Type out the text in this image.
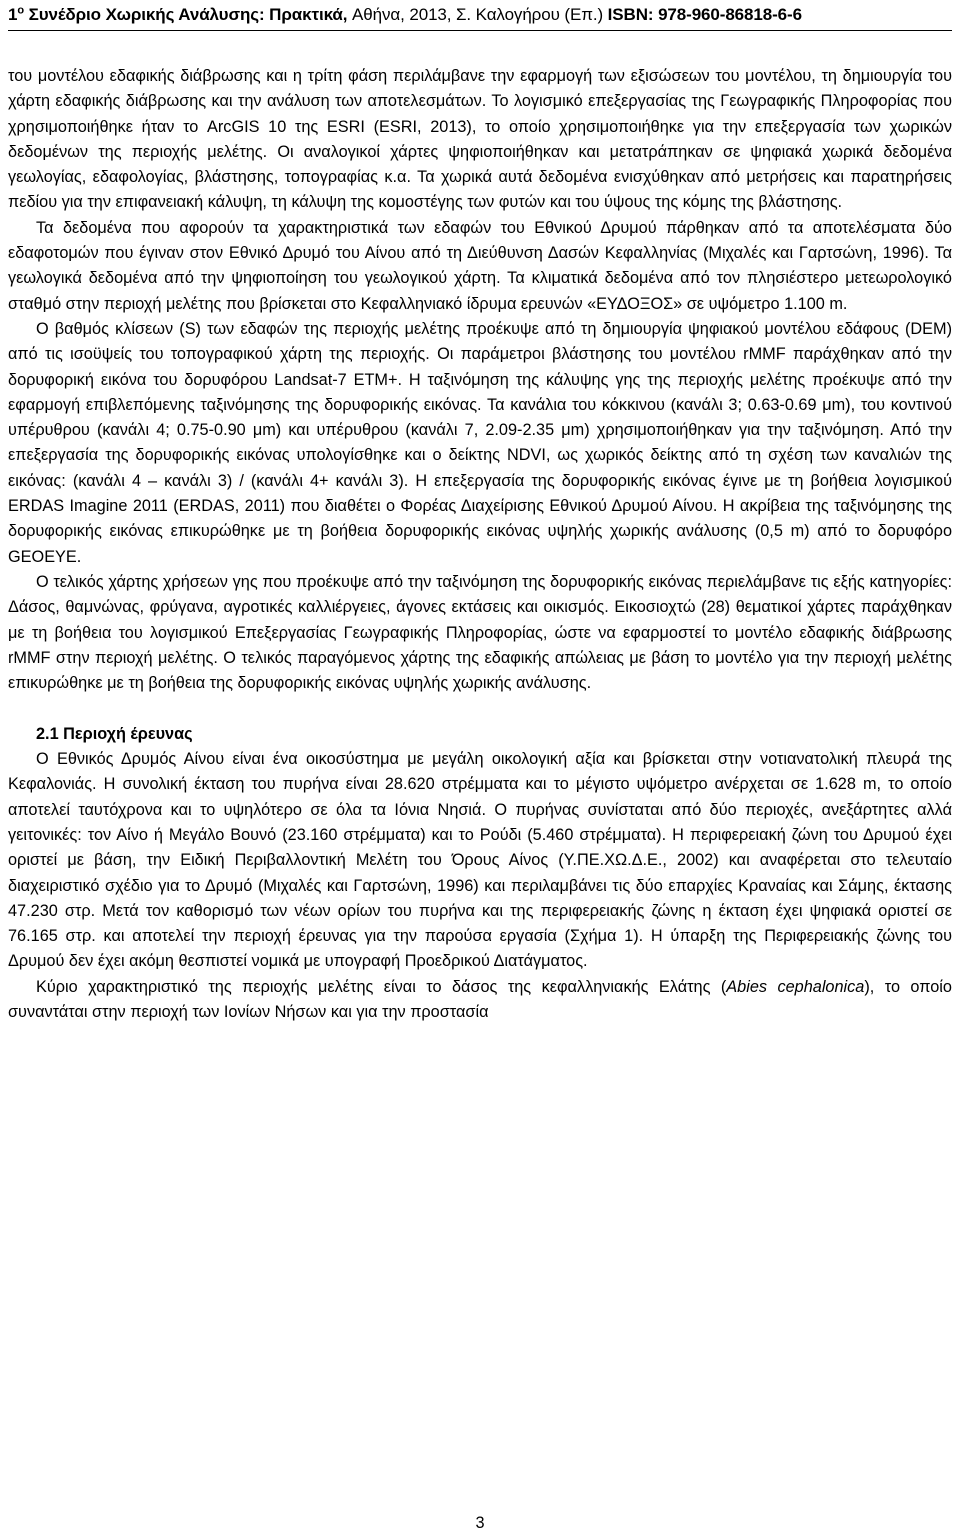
$1^o$ Συνέδριο Χωρικής Ανάλυσης: Πρακτικά, Αθήνα, 2013, Σ. Καλογήρου (Επ.) ISBN: 978-960-86818-6-6

του μοντέλου εδαφικής διάβρωσης και η τρίτη φάση περιλάμβανε την εφαρμογή των εξισώσεων του μοντέλου, τη δημιουργία του χάρτη εδαφικής διάβρωσης και την ανάλυση των αποτελεσμάτων. Το λογισμικό επεξεργασίας της Γεωγραφικής Πληροφορίας που χρησιμοποιήθηκε ήταν το ArcGIS 10 της ESRI (ESRI, 2013), το οποίο χρησιμοποιήθηκε για την επεξεργασία των χωρικών δεδομένων της περιοχής μελέτης. Οι αναλογικοί χάρτες ψηφιοποιήθηκαν και μετατράπηκαν σε ψηφιακά χωρικά δεδομένα γεωλογίας, εδαφολογίας, βλάστησης, τοπογραφίας κ.α. Τα χωρικά αυτά δεδομένα ενισχύθηκαν από μετρήσεις και παρατηρήσεις πεδίου για την επιφανειακή κάλυψη, τη κάλυψη της κομοστέγης των φυτών και του ύψους της κόμης της βλάστησης.

Τα δεδομένα που αφορούν τα χαρακτηριστικά των εδαφών του Εθνικού Δρυμού πάρθηκαν από τα αποτελέσματα δύο εδαφοτομών που έγιναν στον Εθνικό Δρυμό του Αίνου από τη Διεύθυνση Δασών Κεφαλληνίας (Μιχαλές και Γαρτσώνη, 1996). Τα γεωλογικά δεδομένα από την ψηφιοποίηση του γεωλογικού χάρτη. Τα κλιματικά δεδομένα από τον πλησιέστερο μετεωρολογικό σταθμό στην περιοχή μελέτης που βρίσκεται στο Κεφαλληνιακό ίδρυμα ερευνών «ΕΥΔΟΞΟΣ» σε υψόμετρο 1.100 m.

Ο βαθμός κλίσεων (S) των εδαφών της περιοχής μελέτης προέκυψε από τη δημιουργία ψηφιακού μοντέλου εδάφους (DEM) από τις ισοϋψείς του τοπογραφικού χάρτη της περιοχής. Οι παράμετροι βλάστησης του μοντέλου rMMF παράχθηκαν από την δορυφορική εικόνα του δορυφόρου Landsat-7 ETM+. Η ταξινόμηση της κάλυψης γης της περιοχής μελέτης προέκυψε από την εφαρμογή επιβλεπόμενης ταξινόμησης της δορυφορικής εικόνας. Τα κανάλια του κόκκινου (κανάλι 3; 0.63-0.69 μm), του κοντινού υπέρυθρου (κανάλι 4; 0.75-0.90 μm) και υπέρυθρου (κανάλι 7, 2.09-2.35 μm) χρησιμοποιήθηκαν για την ταξινόμηση. Από την επεξεργασία της δορυφορικής εικόνας υπολογίσθηκε και ο δείκτης NDVI, ως χωρικός δείκτης από τη σχέση των καναλιών της εικόνας: (κανάλι 4 – κανάλι 3) / (κανάλι 4+ κανάλι 3). Η επεξεργασία της δορυφορικής εικόνας έγινε με τη βοήθεια λογισμικού ERDAS Imagine 2011 (ERDAS, 2011) που διαθέτει ο Φορέας Διαχείρισης Εθνικού Δρυμού Αίνου. Η ακρίβεια της ταξινόμησης της δορυφορικής εικόνας επικυρώθηκε με τη βοήθεια δορυφορικής εικόνας υψηλής χωρικής ανάλυσης (0,5 m) από το δορυφόρο GEOEYE.

Ο τελικός χάρτης χρήσεων γης που προέκυψε από την ταξινόμηση της δορυφορικής εικόνας περιελάμβανε τις εξής κατηγορίες: Δάσος, θαμνώνας, φρύγανα, αγροτικές καλλιέργειες, άγονες εκτάσεις και οικισμός. Εικοσιοχτώ (28) θεματικοί χάρτες παράχθηκαν με τη βοήθεια του λογισμικού Επεξεργασίας Γεωγραφικής Πληροφορίας, ώστε να εφαρμοστεί το μοντέλο εδαφικής διάβρωσης rMMF στην περιοχή μελέτης. Ο τελικός παραγόμενος χάρτης της εδαφικής απώλειας με βάση το μοντέλο για την περιοχή μελέτης επικυρώθηκε με τη βοήθεια της δορυφορικής εικόνας υψηλής χωρικής ανάλυσης.

2.1 Περιοχή έρευνας

Ο Εθνικός Δρυμός Αίνου είναι ένα οικοσύστημα με μεγάλη οικολογική αξία και βρίσκεται στην νοτιανατολική πλευρά της Κεφαλονιάς. Η συνολική έκταση του πυρήνα είναι 28.620 στρέμματα και το μέγιστο υψόμετρο ανέρχεται σε 1.628 m, το οποίο αποτελεί ταυτόχρονα και το υψηλότερο σε όλα τα Ιόνια Νησιά. Ο πυρήνας συνίσταται από δύο περιοχές, ανεξάρτητες αλλά γειτονικές: τον Αίνο ή Μεγάλο Βουνό (23.160 στρέμματα) και το Ρούδι (5.460 στρέμματα). Η περιφερειακή ζώνη του Δρυμού έχει οριστεί με βάση, την Ειδική Περιβαλλοντική Μελέτη του Όρους Αίνος (Υ.ΠΕ.ΧΩ.Δ.Ε., 2002) και αναφέρεται στο τελευταίο διαχειριστικό σχέδιο για το Δρυμό (Μιχαλές και Γαρτσώνη, 1996) και περιλαμβάνει τις δύο επαρχίες Κραναίας και Σάμης, έκτασης 47.230 στρ. Μετά τον καθορισμό των νέων ορίων του πυρήνα και της περιφερειακής ζώνης η έκταση έχει ψηφιακά οριστεί σε 76.165 στρ. και αποτελεί την περιοχή έρευνας για την παρούσα εργασία (Σχήμα 1). Η ύπαρξη της Περιφερειακής ζώνης του Δρυμού δεν έχει ακόμη θεσπιστεί νομικά με υπογραφή Προεδρικού Διατάγματος.

Κύριο χαρακτηριστικό της περιοχής μελέτης είναι το δάσος της κεφαλληνιακής Ελάτης (Abies cephalonica), το οποίο συναντάται στην περιοχή των Ιονίων Νήσων και για την προστασία

3
